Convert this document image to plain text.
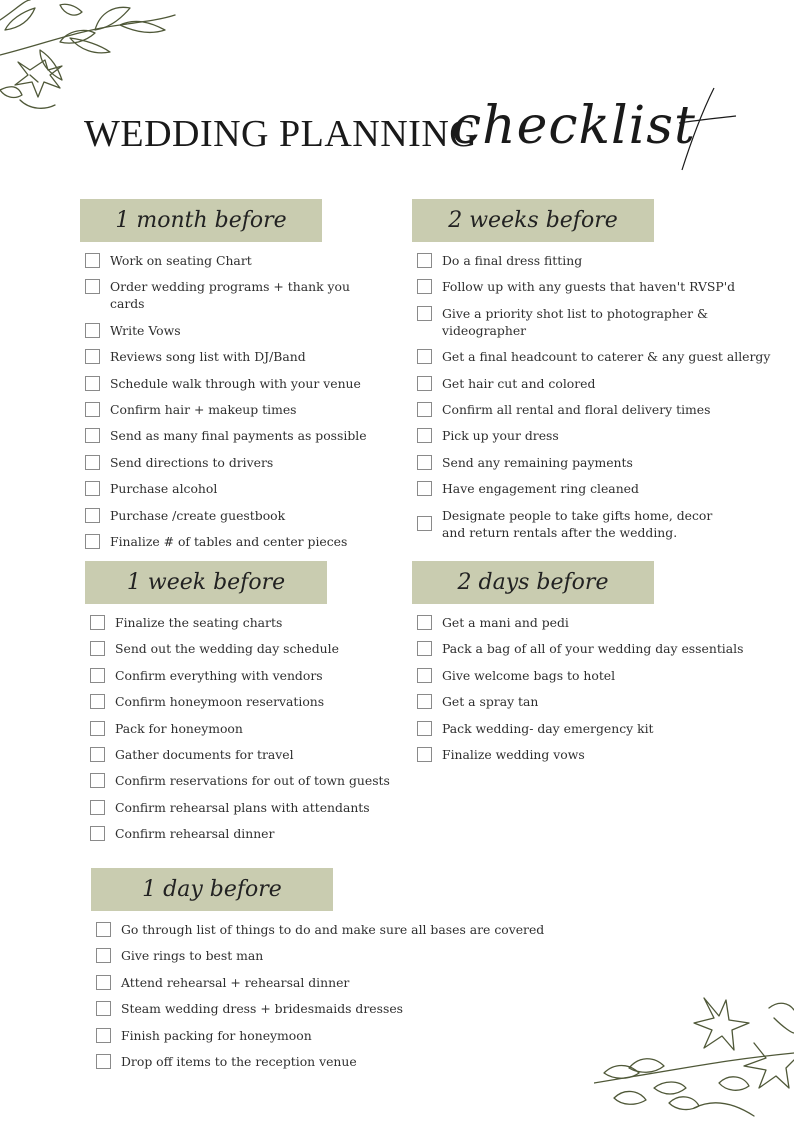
WEDDING PLANNING
checklist
1 month before
Work on seating Chart
Order wedding programs + thank you cards
Write Vows
Reviews song list with DJ/Band
Schedule walk through with your venue
Confirm hair + makeup times
Send as many final payments as possible
Send directions to drivers
Purchase alcohol
Purchase /create guestbook
Finalize # of tables and center pieces
2 weeks before
Do a final dress fitting
Follow up with any guests that haven't RVSP'd
Give a priority shot list to photographer & videographer
Get a final headcount to caterer & any guest allergy
Get hair cut and colored
Confirm all rental and floral delivery times
Pick up your dress
Send any remaining payments
Have engagement ring cleaned
Designate people to take gifts home, decor
and return rentals after the wedding.
1 week before
Finalize the seating charts
Send out the wedding day schedule
Confirm everything with vendors
Confirm honeymoon reservations
Pack for honeymoon
Gather documents for travel
Confirm reservations for out of town guests
Confirm rehearsal plans with attendants
Confirm rehearsal dinner
2 days before
Get a mani and pedi
Pack a bag of all of your wedding day essentials
Give welcome bags to hotel
Get a spray tan
Pack wedding- day emergency kit
Finalize wedding vows
1 day before
Go through list of things to do and make sure all bases are covered
Give rings to best man
Attend rehearsal + rehearsal dinner
Steam wedding dress + bridesmaids dresses
Finish packing for honeymoon
Drop off items to the reception venue
